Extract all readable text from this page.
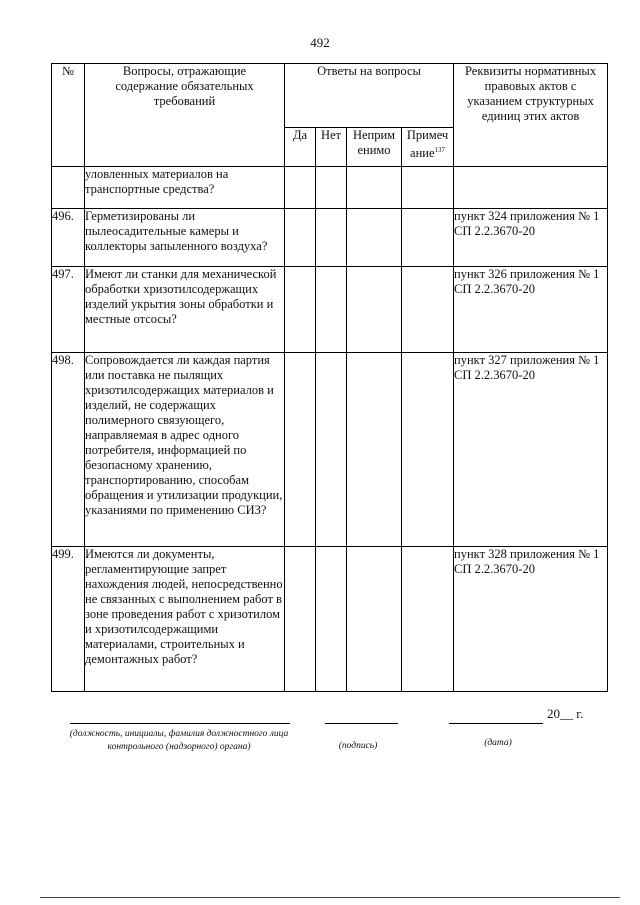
492
№	Вопросы, отражающие содержание обязательных требований	Ответы на вопросы				Реквизиты нормативных правовых актов с указанием структурных единиц этих актов
		Да	Нет	Неприм енимо	Примеч ание$^{137}$
	уловленных материалов на транспортные средства?					
496.	Герметизированы ли пылеосадительные камеры и коллекторы запыленного воздуха?					пункт 324 приложения № 1 СП 2.2.3670-20
497.	Имеют ли станки для механической обработки хризотилсодержащих изделий укрытия зоны обработки и местные отсосы?					пункт 326 приложения № 1 СП 2.2.3670-20
498.	Сопровождается ли каждая партия или поставка не пылящих хризотилсодержащих материалов и изделий, не содержащих полимерного связующего, направляемая в адрес одного потребителя, информацией по безопасному хранению, транспортированию, способам обращения и утилизации продукции, указаниями по применению СИЗ?					пункт 327 приложения № 1 СП 2.2.3670-20
499.	Имеются ли документы, регламентирующие запрет нахождения людей, непосредственно не связанных с выполнением работ в зоне проведения работ с хризотилом и хризотилсодержащими материалами, строительных и демонтажных работ?					пункт 328 приложения № 1 СП 2.2.3670-20
20__ г.
(должность, инициалы, фамилия должностного лица контрольного (надзорного) органа)	(подпись)	(дата)
